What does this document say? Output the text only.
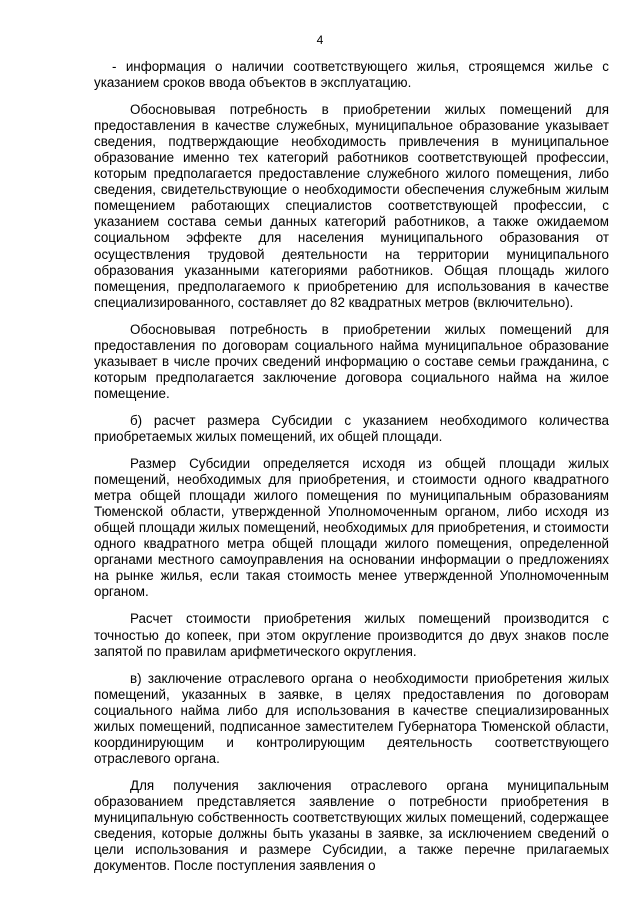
4

- информация о наличии соответствующего жилья, строящемся жилье с указанием сроков ввода объектов в эксплуатацию.

Обосновывая потребность в приобретении жилых помещений для предоставления в качестве служебных, муниципальное образование указывает сведения, подтверждающие необходимость привлечения в муниципальное образование именно тех категорий работников соответствующей профессии, которым предполагается предоставление служебного жилого помещения, либо сведения, свидетельствующие о необходимости обеспечения служебным жилым помещением работающих специалистов соответствующей профессии, с указанием состава семьи данных категорий работников, а также ожидаемом социальном эффекте для населения муниципального образования от осуществления трудовой деятельности на территории муниципального образования указанными категориями работников. Общая площадь жилого помещения, предполагаемого к приобретению для использования в качестве специализированного, составляет до 82 квадратных метров (включительно).

Обосновывая потребность в приобретении жилых помещений для предоставления по договорам социального найма муниципальное образование указывает в числе прочих сведений информацию о составе семьи гражданина, с которым предполагается заключение договора социального найма на жилое помещение.

б) расчет размера Субсидии с указанием необходимого количества приобретаемых жилых помещений, их общей площади.

Размер Субсидии определяется исходя из общей площади жилых помещений, необходимых для приобретения, и стоимости одного квадратного метра общей площади жилого помещения по муниципальным образованиям Тюменской области, утвержденной Уполномоченным органом, либо исходя из общей площади жилых помещений, необходимых для приобретения, и стоимости одного квадратного метра общей площади жилого помещения, определенной органами местного самоуправления на основании информации о предложениях на рынке жилья, если такая стоимость менее утвержденной Уполномоченным органом.

Расчет стоимости приобретения жилых помещений производится с точностью до копеек, при этом округление производится до двух знаков после запятой по правилам арифметического округления.

в) заключение отраслевого органа о необходимости приобретения жилых помещений, указанных в заявке, в целях предоставления по договорам социального найма либо для использования в качестве специализированных жилых помещений, подписанное заместителем Губернатора Тюменской области, координирующим и контролирующим деятельность соответствующего отраслевого органа.

Для получения заключения отраслевого органа муниципальным образованием представляется заявление о потребности приобретения в муниципальную собственность соответствующих жилых помещений, содержащее сведения, которые должны быть указаны в заявке, за исключением сведений о цели использования и размере Субсидии, а также перечне прилагаемых документов. После поступления заявления о
